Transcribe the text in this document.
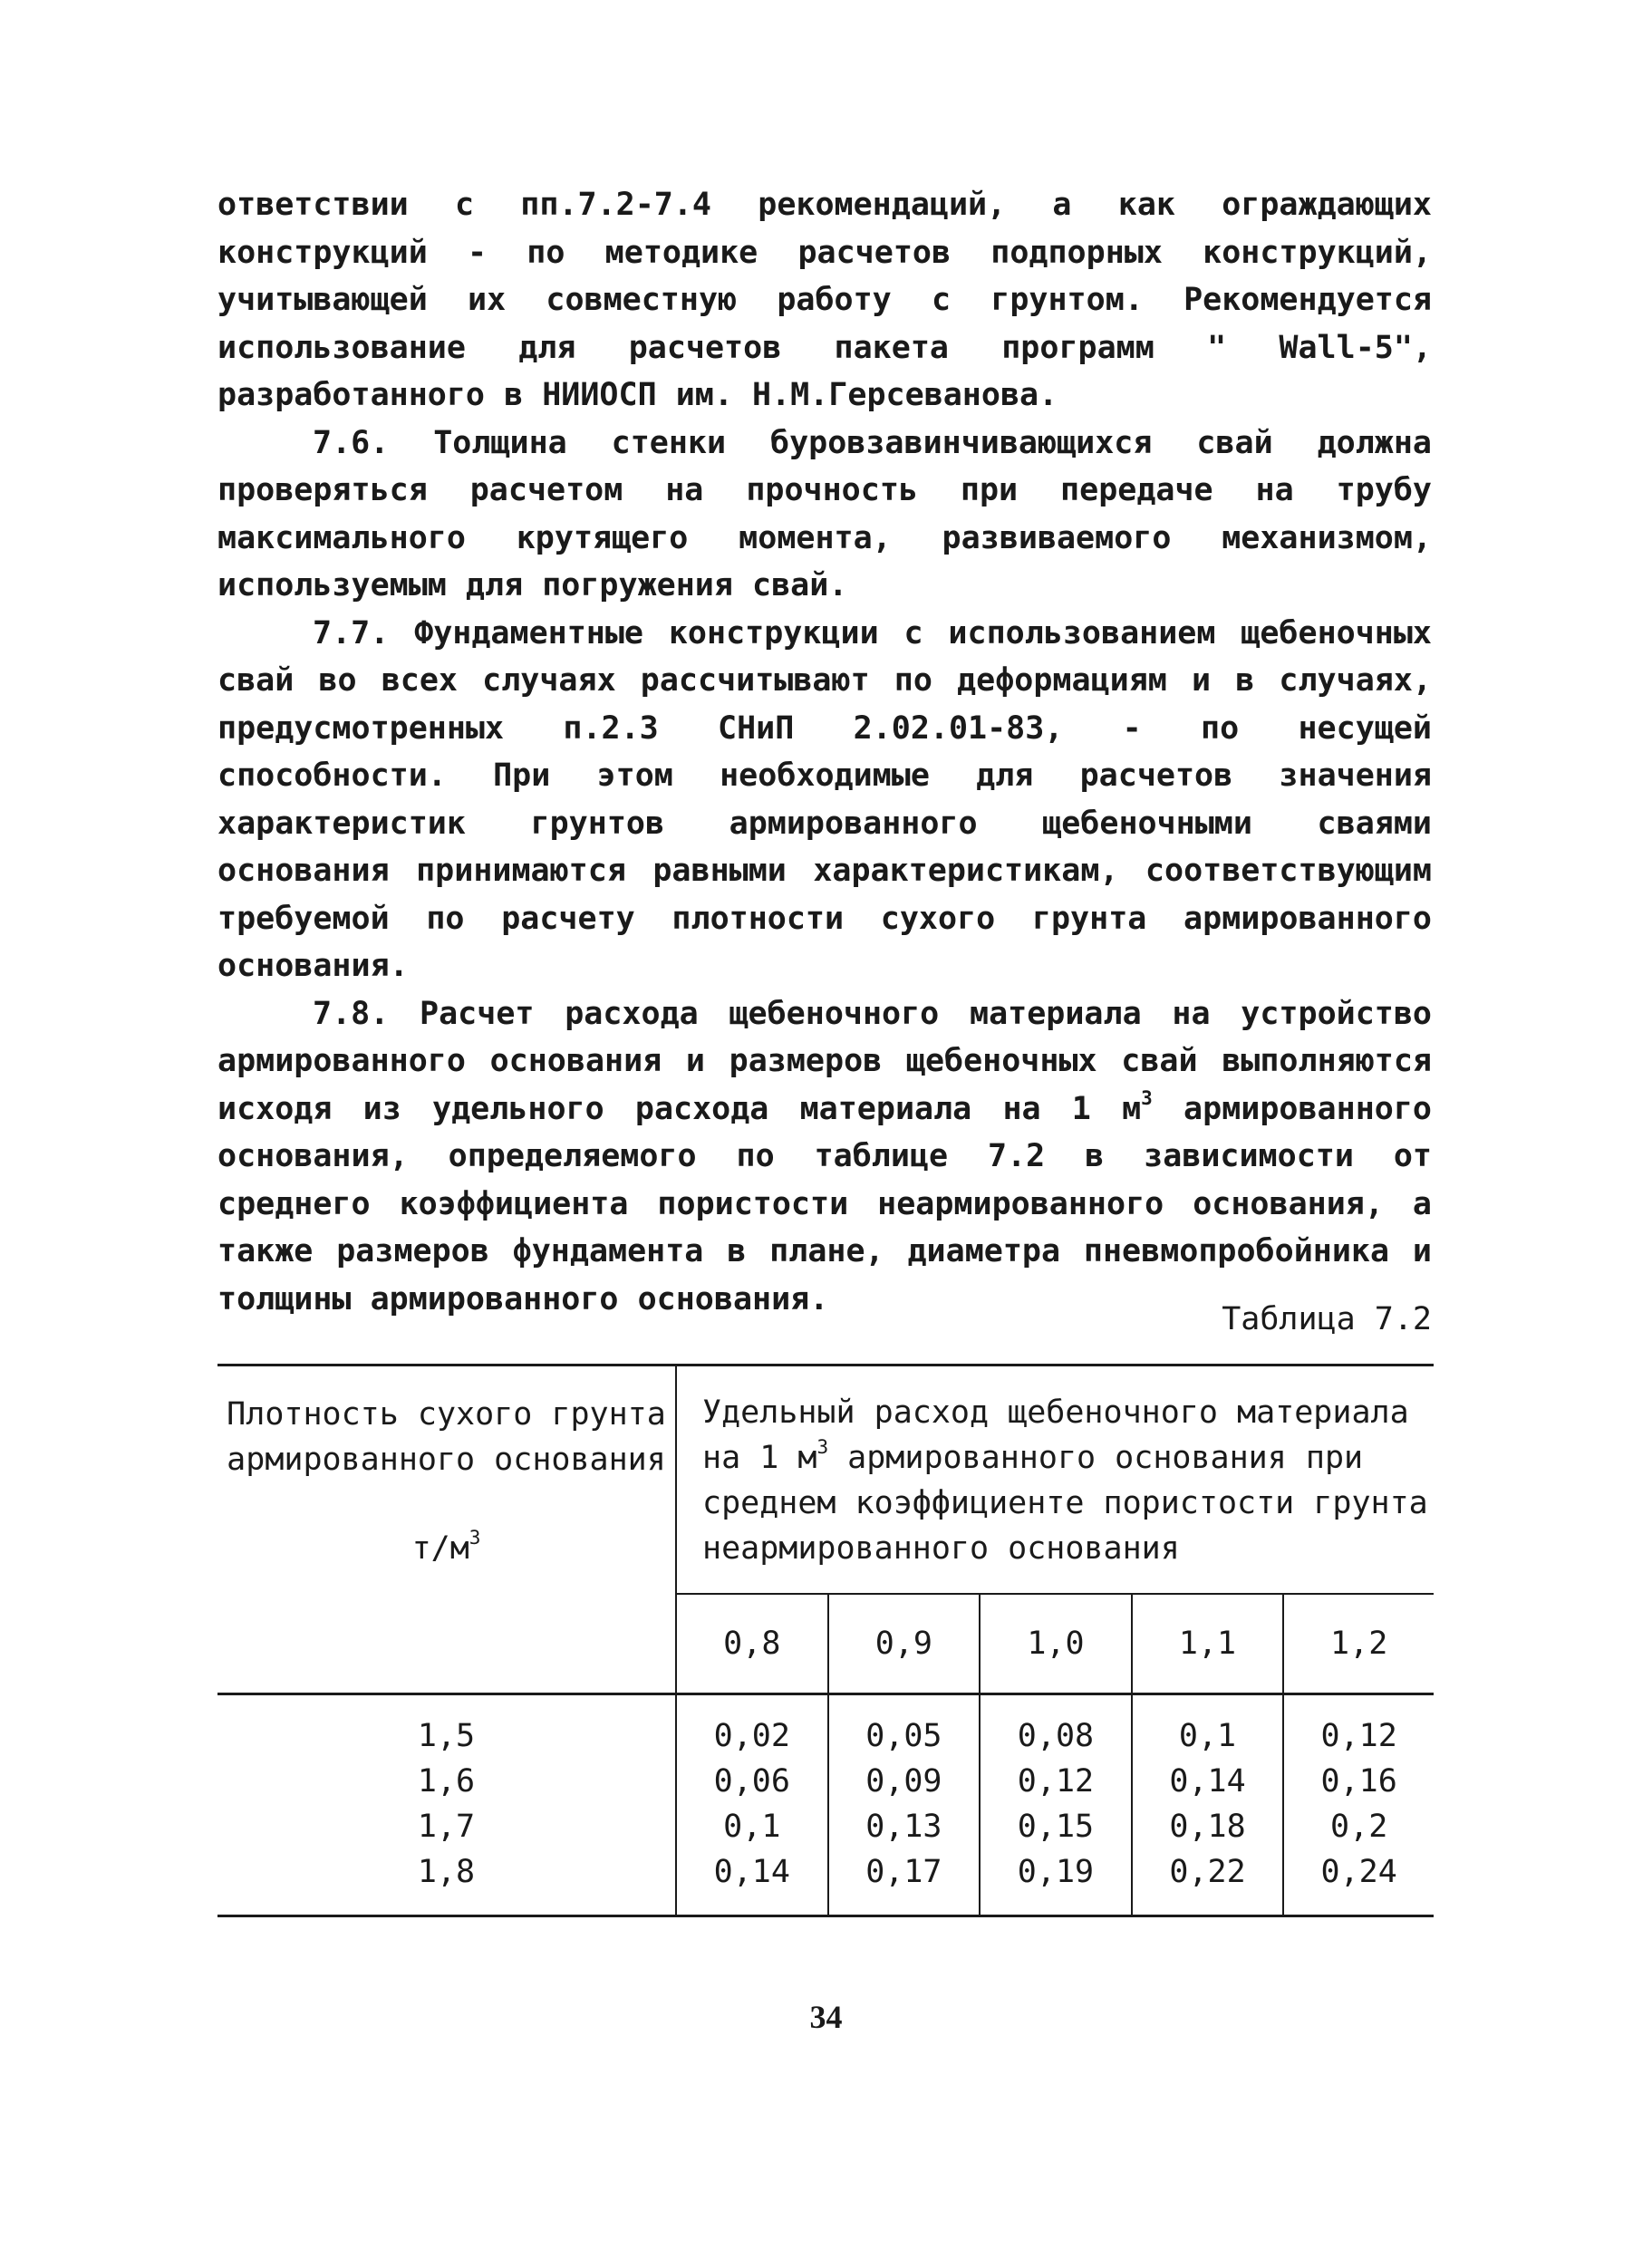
ответствии с пп.7.2-7.4 рекомендаций, а как ограждающих конструкций - по методике расчетов подпорных конструкций, учитывающей их совместную работу с грунтом. Рекомендуется использование для расчетов пакета программ " Wall-5", разработанного в НИИОСП им. Н.М.Герсеванова.

7.6. Толщина стенки буровзавинчивающихся свай должна проверяться расчетом на прочность при передаче на трубу максимального крутящего момента, развиваемого механизмом, используемым для погружения свай.

7.7. Фундаментные конструкции с использованием щебеночных свай во всех случаях рассчитывают по деформациям и в случаях, предусмотренных п.2.3 СНиП 2.02.01-83, - по несущей способности. При этом необходимые для расчетов значения характеристик грунтов армированного щебеночными сваями основания принимаются равными характеристикам, соответствующим требуемой по расчету плотности сухого грунта армированного основания.

7.8. Расчет расхода щебеночного материала на устройство армированного основания и размеров щебеночных свай выполняются исходя из удельного расхода материала на 1 $м^3$ армированного основания, определяемого по таблице 7.2 в зависимости от среднего коэффициента пористости неармированного основания, а также размеров фундамента в плане, диаметра пневмопробойника и толщины армированного основания.

Таблица 7.2
Плотность сухого грунта
армированного основания
$т/м^3$	Удельный расход щебеночного материала
на 1 $м^3$ армированного основания при
среднем коэффициенте пористости грунта
неармированного основания				
	0,8	0,9	1,0	1,1	1,2
1,5	0,02	0,05	0,08	0,1	0,12
1,6	0,06	0,09	0,12	0,14	0,16
1,7	0,1	0,13	0,15	0,18	0,2
1,8	0,14	0,17	0,19	0,22	0,24
34
